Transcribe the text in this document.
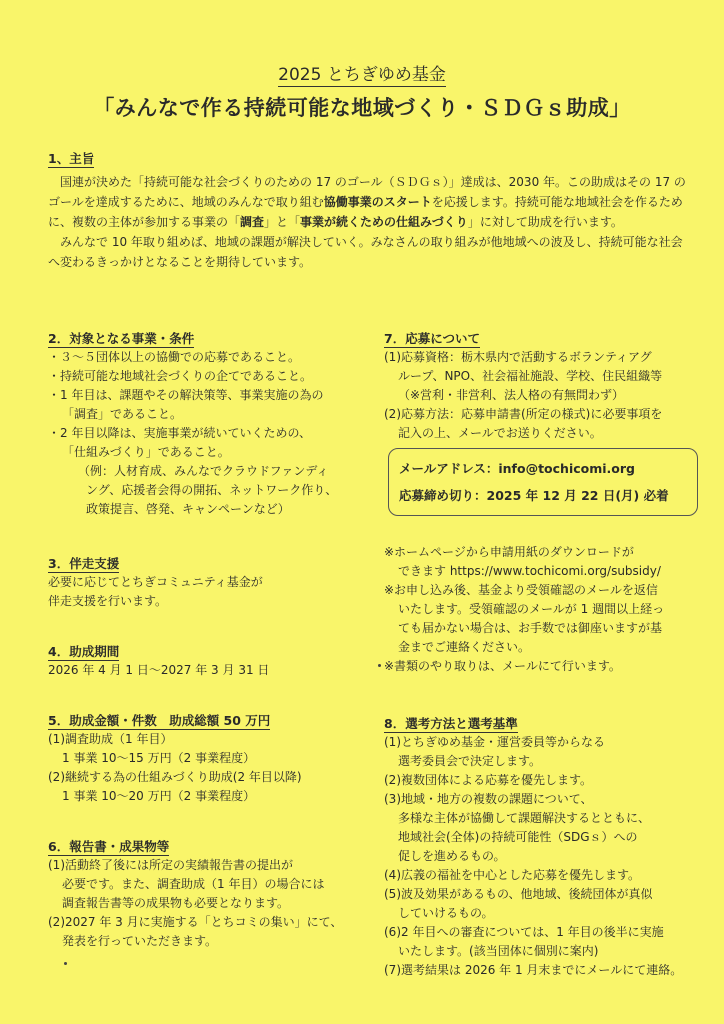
2025 とちぎゆめ基金
「みんなで作る持続可能な地域づくり・ＳＤＧｓ助成」
1、主旨

国連が決めた「持続可能な社会づくりのための 17 のゴール（ＳＤＧｓ）」達成は、2030 年。この助成はその 17 のゴールを達成するために、地域のみんなで取り組む協働事業のスタートを応援します。持続可能な地域社会を作るために、複数の主体が参加する事業の「調査」と「事業が続くための仕組みづくり」に対して助成を行います。

みんなで 10 年取り組めば、地域の課題が解決していく。みなさんの取り組みが他地域への波及し、持続可能な社会へ変わるきっかけとなることを期待しています。

2．対象となる事業・条件

・３～５団体以上の協働での応募であること。

・持続可能な地域社会づくりの企てであること。

・1 年目は、課題やその解決策等、事業実施の為の

「調査」であること。

・2 年目以降は、実施事業が続いていくための、

「仕組みづくり」であること。

（例：人材育成、みんなでクラウドファンディ

ング、応援者会得の開拓、ネットワーク作り、

政策提言、啓発、キャンペーンなど）

3．伴走支援

必要に応じてとちぎコミュニティ基金が

伴走支援を行います。

4．助成期間

2026 年 4 月 1 日～2027 年 3 月 31 日

5．助成金額・件数　助成総額 50 万円

(1)調査助成（1 年目）

1 事業 10～15 万円（2 事業程度）

(2)継続する為の仕組みづくり助成(2 年目以降)

1 事業 10～20 万円（2 事業程度）

6．報告書・成果物等

(1)活動終了後には所定の実績報告書の提出が

必要です。また、調査助成（1 年目）の場合には

調査報告書等の成果物も必要となります。

(2)2027 年 3 月に実施する「とちコミの集い」にて、

発表を行っていただきます。

7．応募について

(1)応募資格：栃木県内で活動するボランティアグ

ループ、NPO、社会福祉施設、学校、住民組織等

（※営利・非営利、法人格の有無問わず）

(2)応募方法：応募申請書(所定の様式)に必要事項を

記入の上、メールでお送りください。

※ホームページから申請用紙のダウンロードが

できます https://www.tochicomi.org/subsidy/

※お申し込み後、基金より受領確認のメールを返信

いたします。受領確認のメールが 1 週間以上経っ

ても届かない場合は、お手数では御座いますが基

金までご連絡ください。

※書類のやり取りは、メールにて行います。

8．選考方法と選考基準

(1)とちぎゆめ基金・運営委員等からなる

選考委員会で決定します。

(2)複数団体による応募を優先します。

(3)地域・地方の複数の課題について、

多様な主体が協働して課題解決するとともに、

地域社会(全体)の持続可能性（SDGｓ）への

促しを進めるもの。

(4)広義の福祉を中心とした応募を優先します。

(5)波及効果があるもの、他地域、後続団体が真似

していけるもの。

(6)2 年目への審査については、1 年目の後半に実施

いたします。(該当団体に個別に案内)

(7)選考結果は 2026 年 1 月末までにメールにて連絡。

メールアドレス：info@tochicomi.org

応募締め切り：2025 年 12 月 22 日(月) 必着
